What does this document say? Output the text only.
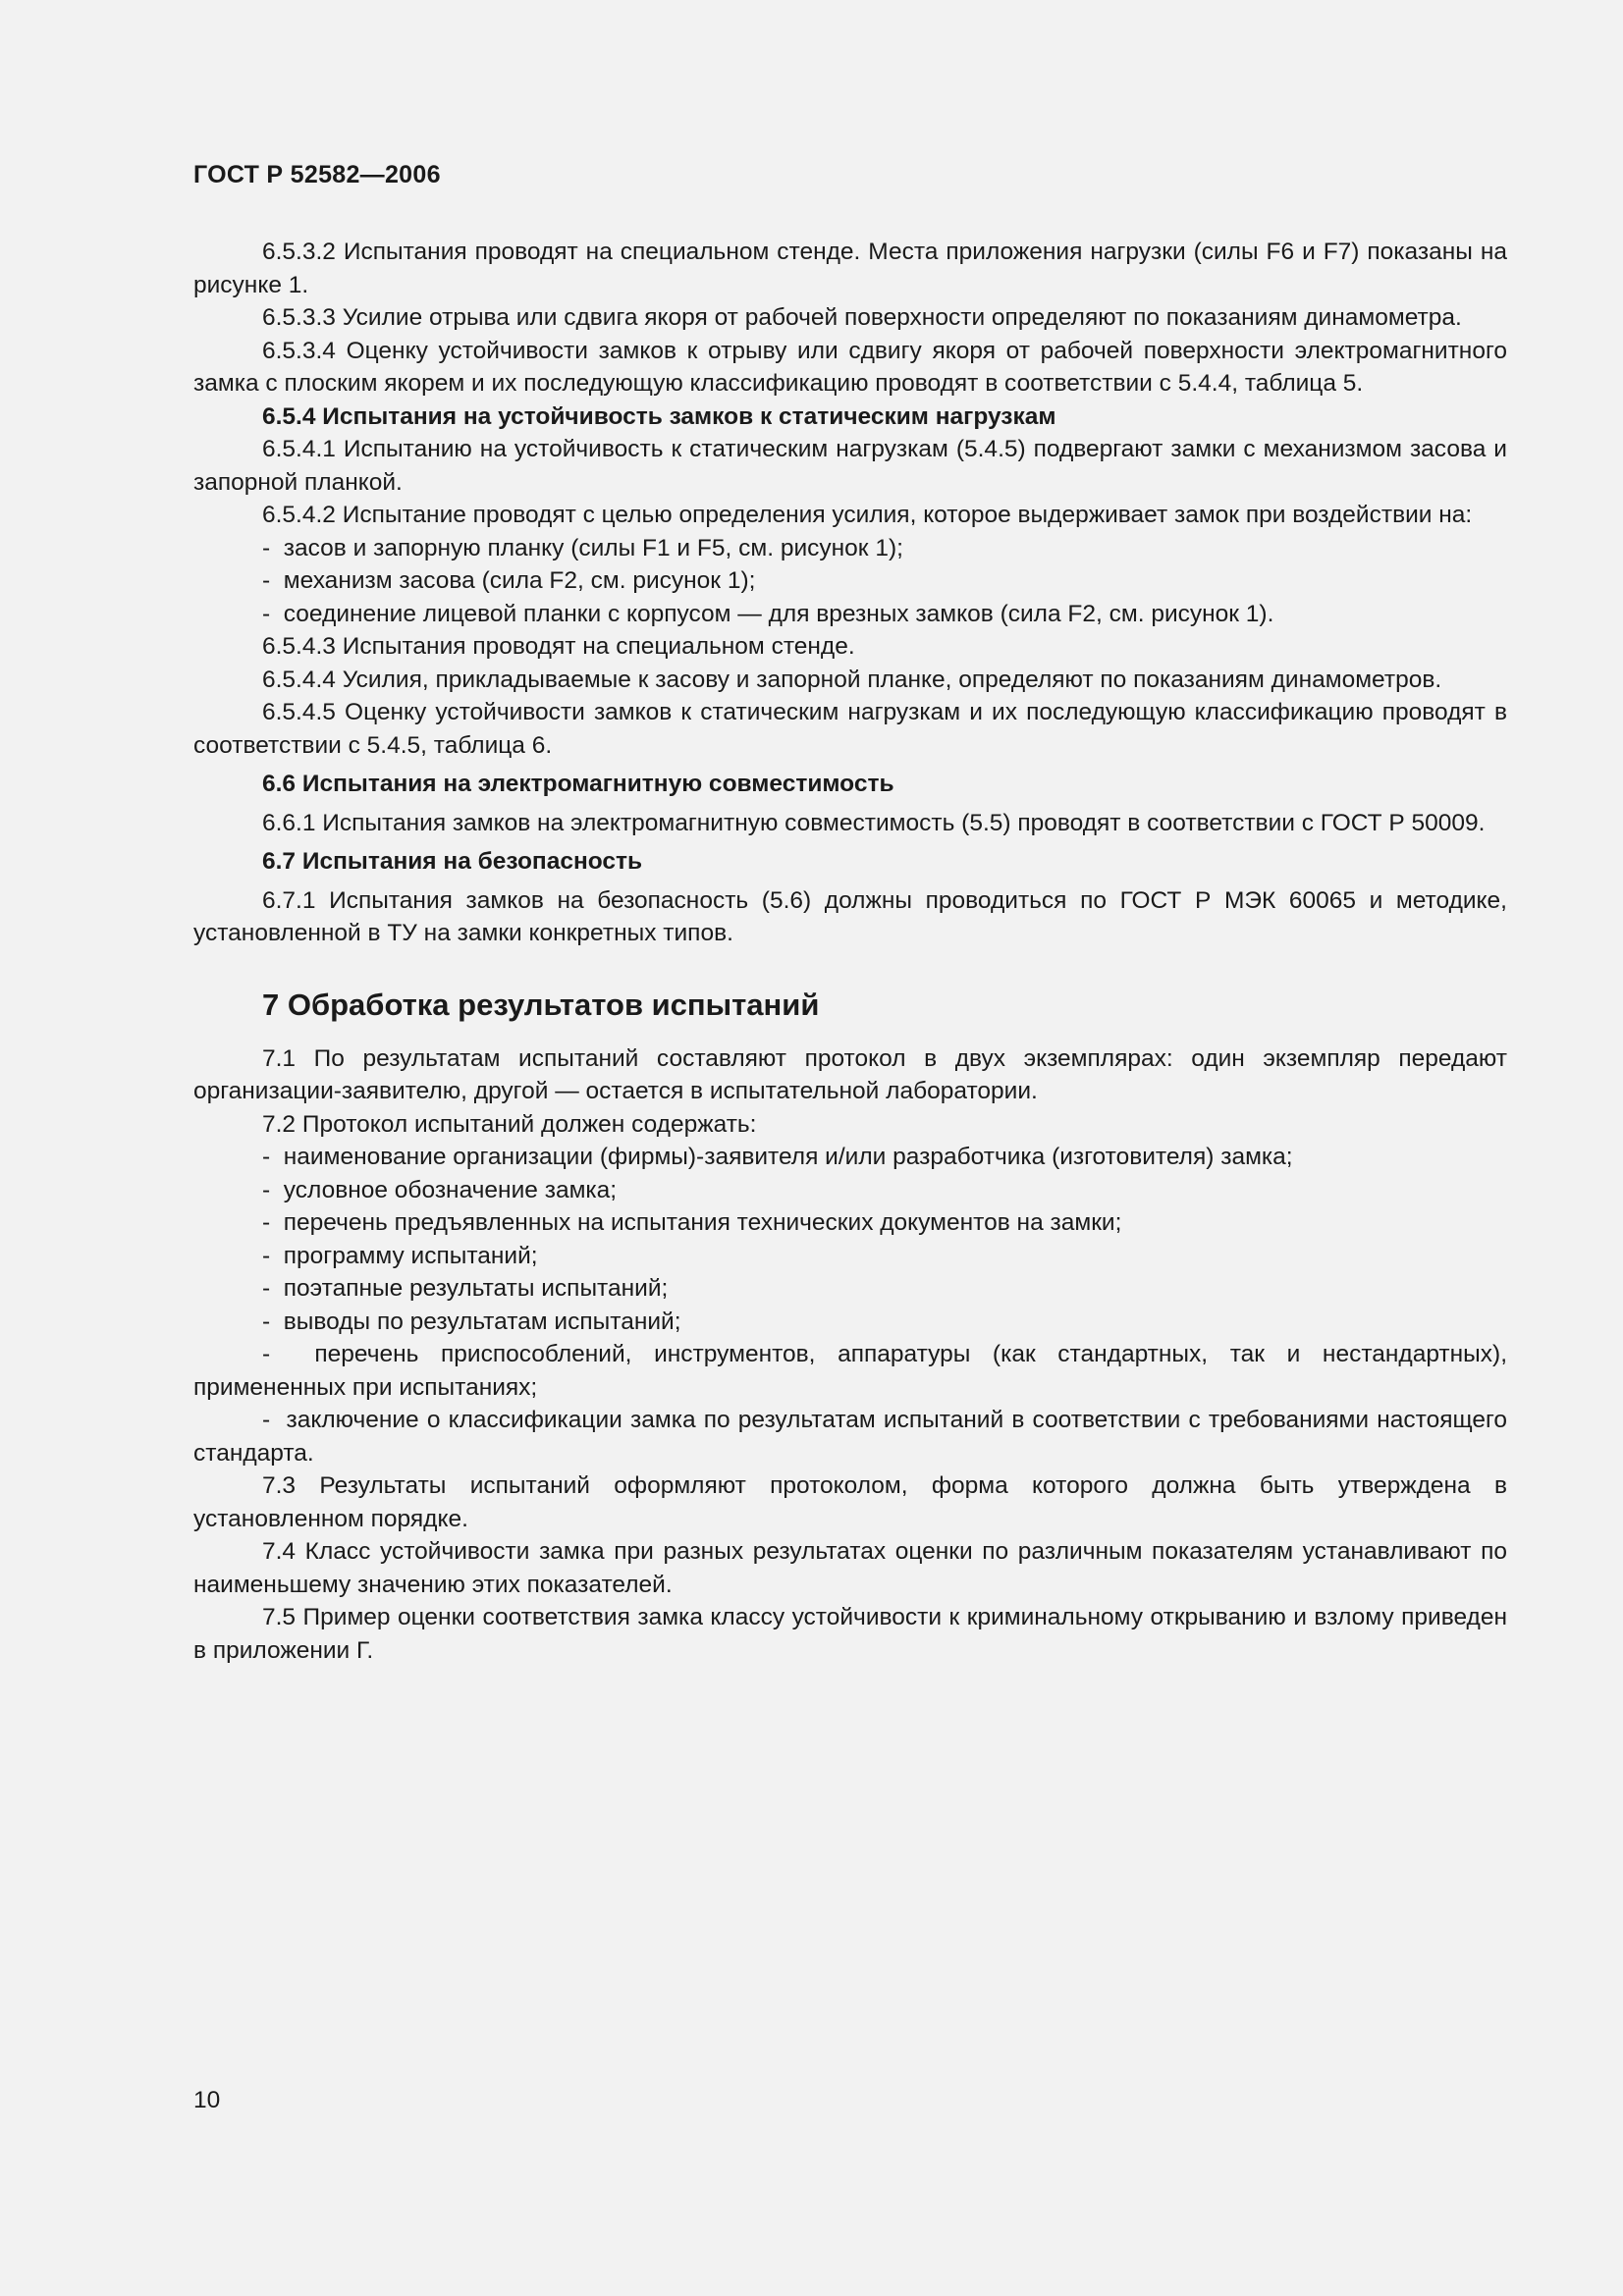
ГОСТ Р 52582—2006

6.5.3.2 Испытания проводят на специальном стенде. Места приложения нагрузки (силы F6 и F7) показаны на рисунке 1.

6.5.3.3 Усилие отрыва или сдвига якоря от рабочей поверхности определяют по показаниям динамометра.

6.5.3.4 Оценку устойчивости замков к отрыву или сдвигу якоря от рабочей поверхности электромагнитного замка с плоским якорем и их последующую классификацию проводят в соответствии с 5.4.4, таблица 5.

6.5.4 Испытания на устойчивость замков к статическим нагрузкам

6.5.4.1 Испытанию на устойчивость к статическим нагрузкам (5.4.5) подвергают замки с механизмом засова и запорной планкой.

6.5.4.2 Испытание проводят с целью определения усилия, которое выдерживает замок при воздействии на:

-  засов и запорную планку (силы F1 и F5, см. рисунок 1);

-  механизм засова (сила F2, см. рисунок 1);

-  соединение лицевой планки с корпусом — для врезных замков (сила F2, см. рисунок 1).

6.5.4.3 Испытания проводят на специальном стенде.

6.5.4.4 Усилия, прикладываемые к засову и запорной планке, определяют по показаниям динамометров.

6.5.4.5 Оценку устойчивости замков к статическим нагрузкам и их последующую классификацию проводят в соответствии с 5.4.5, таблица 6.

6.6 Испытания на электромагнитную совместимость

6.6.1 Испытания замков на электромагнитную совместимость (5.5) проводят в соответствии с ГОСТ Р 50009.

6.7 Испытания на безопасность

6.7.1 Испытания замков на безопасность (5.6) должны проводиться по ГОСТ Р МЭК 60065 и методике, установленной в ТУ на замки конкретных типов.

7 Обработка результатов испытаний

7.1 По результатам испытаний составляют протокол в двух экземплярах: один экземпляр передают организации-заявителю, другой — остается в испытательной лаборатории.

7.2 Протокол испытаний должен содержать:

-  наименование организации (фирмы)-заявителя и/или разработчика (изготовителя) замка;

-  условное обозначение замка;

-  перечень предъявленных на испытания технических документов на замки;

-  программу испытаний;

-  поэтапные результаты испытаний;

-  выводы по результатам испытаний;

-  перечень приспособлений, инструментов, аппаратуры (как стандартных, так и нестандартных), примененных при испытаниях;

-  заключение о классификации замка по результатам испытаний в соответствии с требованиями настоящего стандарта.

7.3 Результаты испытаний оформляют протоколом, форма которого должна быть утверждена в установленном порядке.

7.4 Класс устойчивости замка при разных результатах оценки по различным показателям устанавливают по наименьшему значению этих показателей.

7.5 Пример оценки соответствия замка классу устойчивости к криминальному открыванию и взлому приведен в приложении Г.

10
